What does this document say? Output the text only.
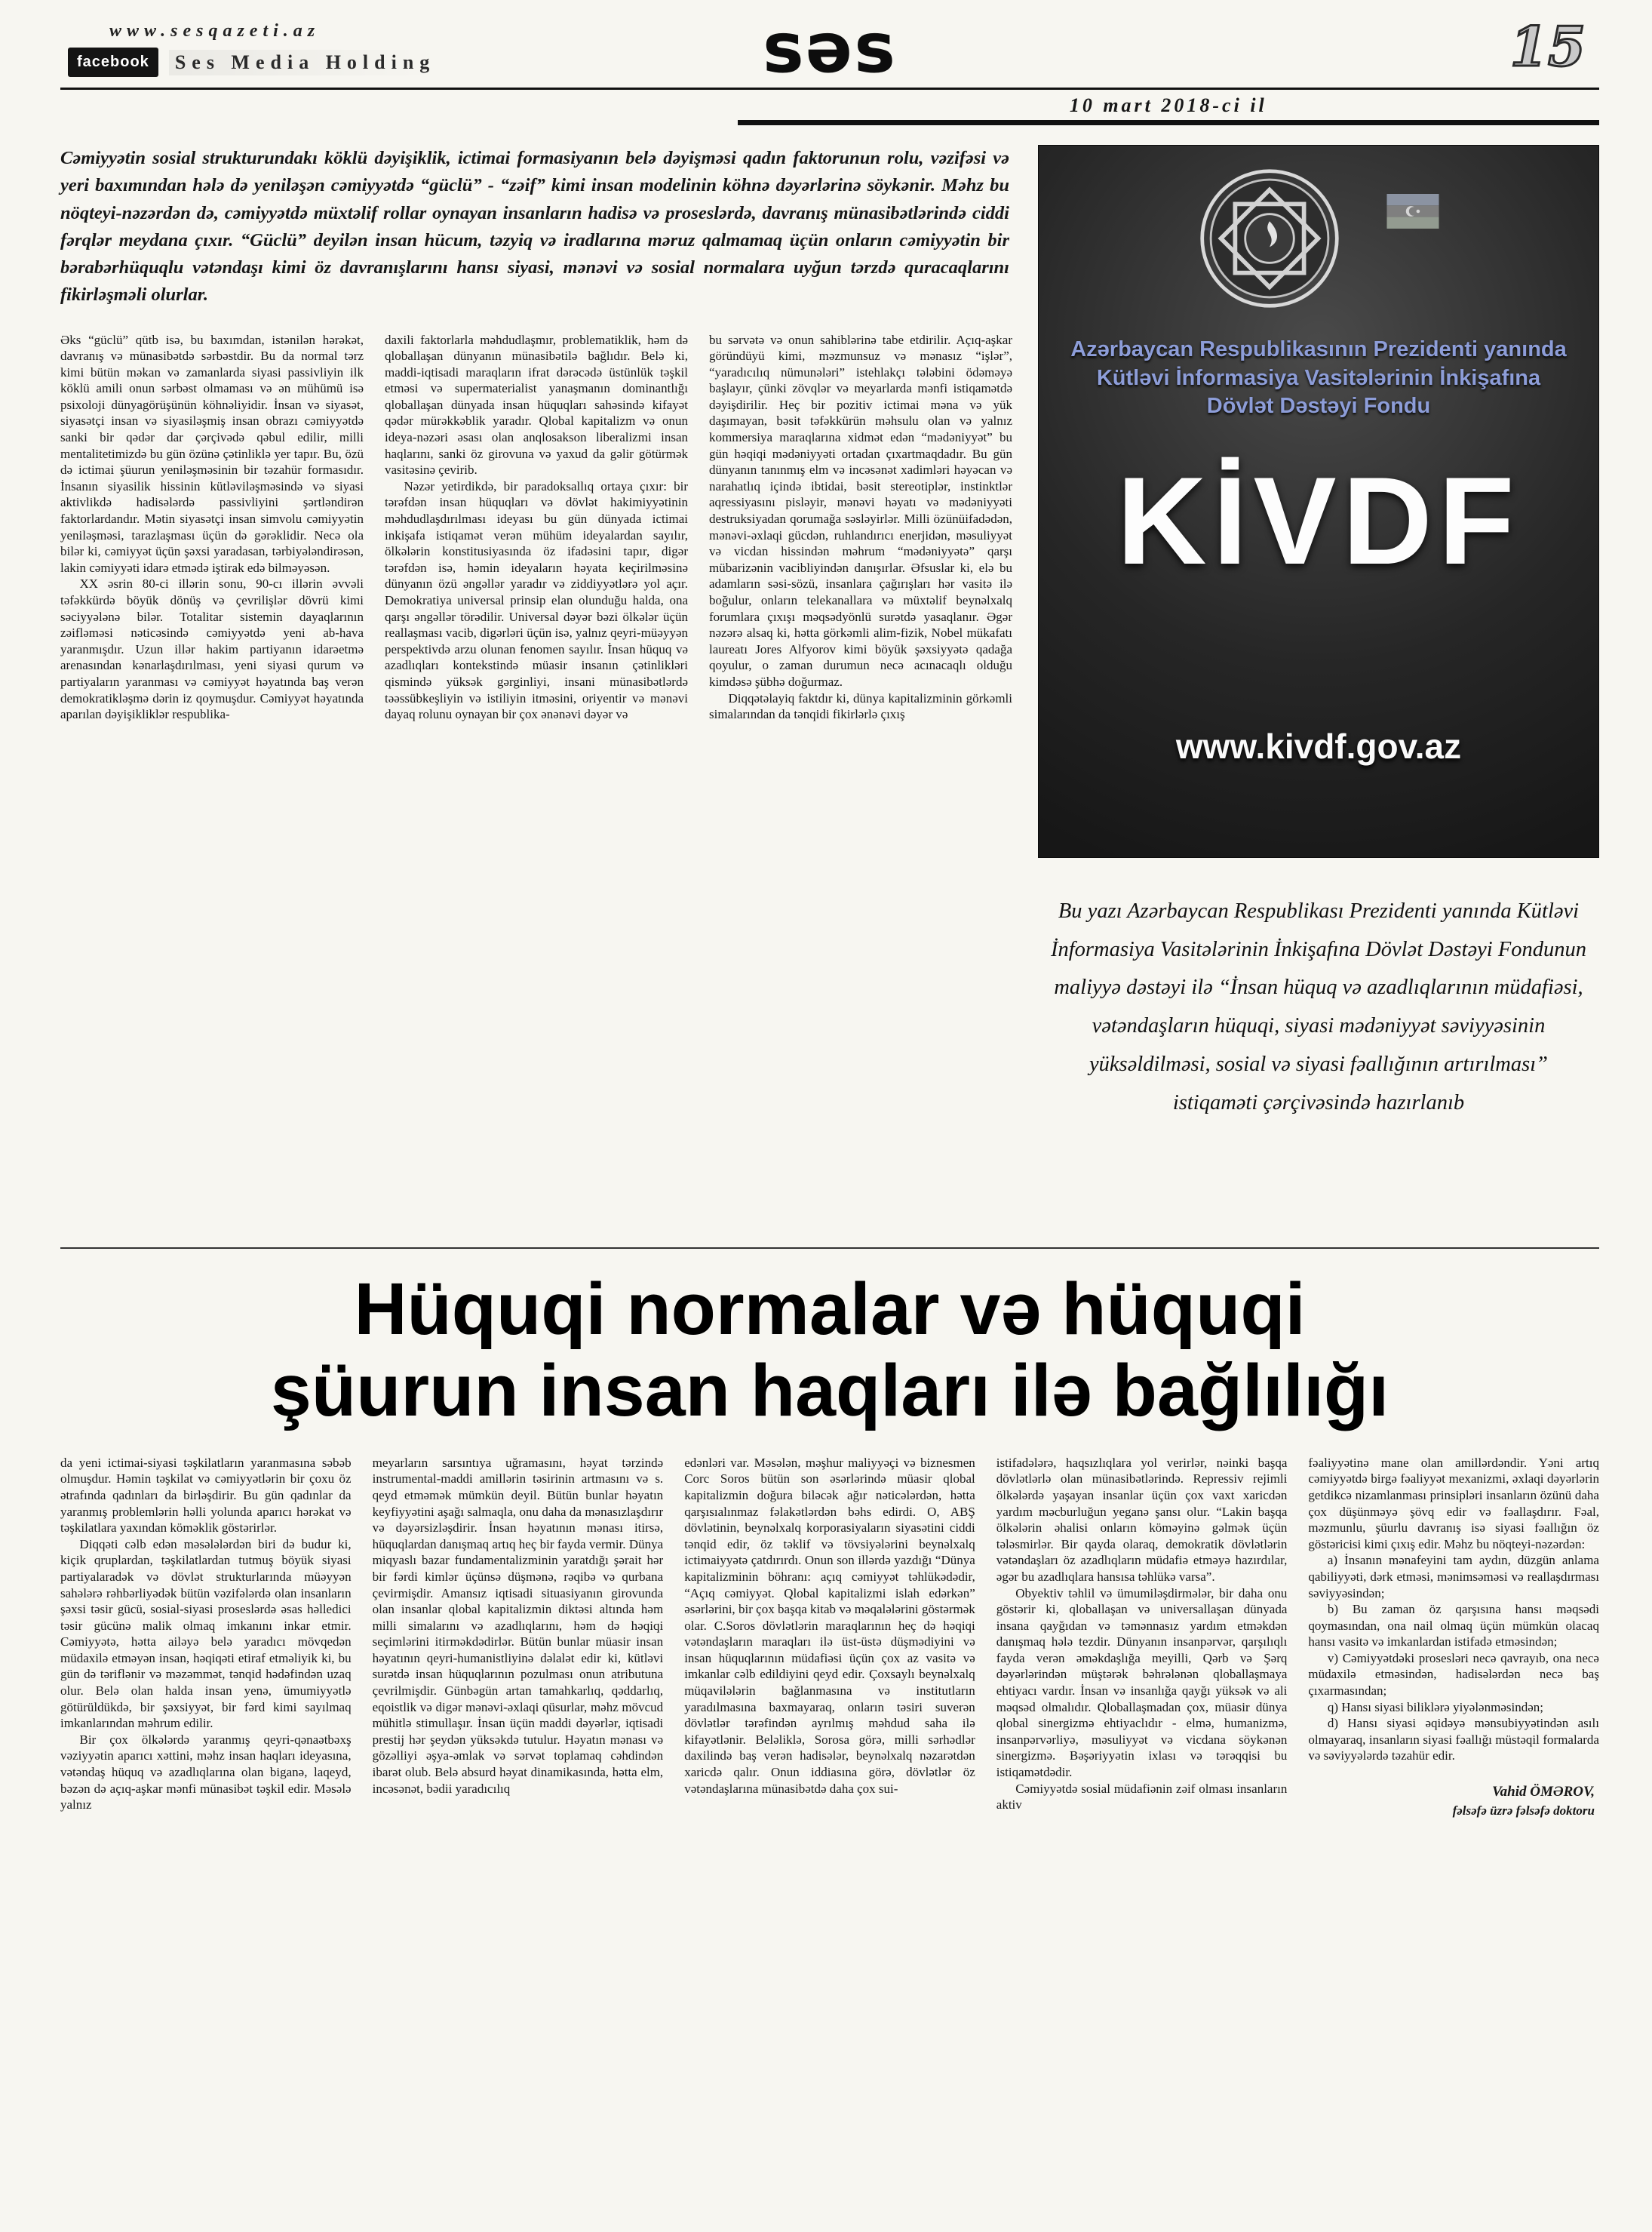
www.sesqazeti.az
facebook	Ses Media Holding	səs	15
10 mart 2018-ci il

Cəmiyyətin sosial strukturundakı köklü dəyişiklik, ictimai formasiyanın belə dəyişməsi qadın faktorunun rolu, vəzifəsi və yeri baxımından hələ də yeniləşən cəmiyyətdə “güclü” - “zəif” kimi insan modelinin köhnə dəyərlərinə söykənir. Məhz bu nöqteyi-nəzərdən də, cəmiyyətdə müxtəlif rollar oynayan insanların hadisə və proseslərdə, davranış münasibətlərində ciddi fərqlər meydana çıxır. “Güclü” deyilən insan hücum, təzyiq və iradlarına məruz qalmamaq üçün onların cəmiyyətin bir bərabərhüquqlu vətəndaşı kimi öz davranışlarını hansı siyasi, mənəvi və sosial normalara uyğun tərzdə quracaqlarını fikirləşməli olurlar.

Əks “güclü” qütb isə, bu baxımdan, istənilən hərəkət, davranış və münasibətdə sərbəstdir. Bu da normal tərz kimi bütün məkan və zamanlarda siyasi passivliyin ilk köklü amili onun sərbəst olmaması və ən mühümü isə psixoloji dünyagörüşünün köhnəliyidir. İnsan və siyasət, siyasətçi insan və siyasiləşmiş insan obrazı cəmiyyətdə sanki bir qədər dar çərçivədə qəbul edilir, milli mentalitetimizdə bu gün özünə çətinliklə yer tapır. Bu, özü də ictimai şüurun yeniləşməsinin bir təzahür formasıdır. İnsanın siyasilik hissinin kütləviləşməsində və siyasi aktivlikdə hadisələrdə passivliyini şərtləndirən faktorlardandır. Mətin siyasətçi insan simvolu cəmiyyətin yeniləşməsi, tarazlaşması üçün də gərəklidir. Necə ola bilər ki, cəmiyyət üçün şəxsi yaradasan, tərbiyələndirəsən, lakin cəmiyyəti idarə etmədə iştirak edə bilməyəsən.

XX əsrin 80-ci illərin sonu, 90-cı illərin əvvəli təfəkkürdə böyük dönüş və çevrilişlər dövrü kimi səciyyələnə bilər. Totalitar sistemin dayaqlarının zəifləməsi nəticəsində cəmiyyətdə yeni ab-hava yaranmışdır. Uzun illər hakim partiyanın idarəetmə arenasından kənarlaşdırılması, yeni siyasi qurum və partiyaların yaranması və cəmiyyət həyatında baş verən demokratikləşmə dərin iz qoymuşdur. Cəmiyyət həyatında aparılan dəyişikliklər respublika-

daxili faktorlarla məhdudlaşmır, problematiklik, həm də qloballaşan dünyanın münasibətilə bağlıdır. Belə ki, maddi-iqtisadi maraqların ifrat dərəcədə üstünlük təşkil etməsi və supermaterialist yanaşmanın dominantlığı qloballaşan dünyada insan hüquqları sahəsində kifayət qədər mürəkkəblik yaradır. Qlobal kapitalizm və onun ideya-nəzəri əsası olan anqlosakson liberalizmi insan haqlarını, sanki öz girovuna və yaxud da gəlir götürmək vasitəsinə çevirib.

Nəzər yetirdikdə, bir paradoksallıq ortaya çıxır: bir tərəfdən insan hüquqları və dövlət hakimiyyətinin məhdudlaşdırılması ideyası bu gün dünyada ictimai inkişafa istiqamət verən mühüm ideyalardan sayılır, ölkələrin konstitusiyasında öz ifadəsini tapır, digər tərəfdən isə, həmin ideyaların həyata keçirilməsinə dünyanın özü əngəllər yaradır və ziddiyyətlərə yol açır. Demokratiya universal prinsip elan olunduğu halda, ona qarşı əngəllər törədilir. Universal dəyər bəzi ölkələr üçün reallaşması vacib, digərləri üçün isə, yalnız qeyri-müəyyən perspektivdə arzu olunan fenomen sayılır. İnsan hüquq və azadlıqları kontekstində müasir insanın çətinlikləri qismində yüksək gərginliyi, insani münasibətlərdə təəssübkeşliyin və istiliyin itməsini, oriyentir və mənəvi dayaq rolunu oynayan bir çox ənənəvi dəyər və

bu sərvətə və onun sahiblərinə tabe etdirilir. Açıq-aşkar göründüyü kimi, məzmunsuz və mənasız “işlər”, “yaradıcılıq nümunələri” istehlakçı tələbini ödəməyə başlayır, çünki zövqlər və meyarlarda mənfi istiqamətdə dəyişdirilir. Heç bir pozitiv ictimai məna və yük daşımayan, bəsit təfəkkürün məhsulu olan və yalnız kommersiya maraqlarına xidmət edən “mədəniyyət” bu gün həqiqi mədəniyyəti ortadan çıxartmaqdadır. Bu gün dünyanın tanınmış elm və incəsənət xadimləri həyəcan və narahatlıq içində ibtidai, bəsit stereotiplər, instinktlər aqressiyasını pisləyir, mənəvi həyatı və mədəniyyəti destruksiyadan qorumağa səsləyirlər. Milli özünüifadədən, mənəvi-əxlaqi gücdən, ruhlandırıcı enerjidən, məsuliyyət və vicdan hissindən məhrum “mədəniyyətə” qarşı mübarizənin vacibliyindən danışırlar. Əfsuslar ki, elə bu adamların səsi-sözü, insanlara çağırışları hər vasitə ilə boğulur, onların telekanallara və müxtəlif beynəlxalq forumlara çıxışı məqsədyönlü surətdə yasaqlanır. Əgər nəzərə alsaq ki, hətta görkəmli alim-fizik, Nobel mükafatı laureatı Jores Alfyorov kimi böyük şəxsiyyətə qadağa qoyulur, o zaman durumun necə acınacaqlı olduğu kimdəsə şübhə doğurmaz.

Diqqətəlayiq faktdır ki, dünya kapitalizminin görkəmli simalarından da tənqidi fikirlərlə çıxış

Azərbaycan Respublikasının Prezidenti yanında
Kütləvi İnformasiya Vasitələrinin İnkişafına
Dövlət Dəstəyi Fondu
KİVDF
www.kivdf.gov.az

Bu yazı Azərbaycan Respublikası Prezidenti yanında Kütləvi İnformasiya Vasitələrinin İnkişafına Dövlət Dəstəyi Fondunun maliyyə dəstəyi ilə “İnsan hüquq və azadlıqlarının müdafiəsi, vətəndaşların hüquqi, siyasi mədəniyyət səviyyəsinin yüksəldilməsi, sosial və siyasi fəallığının artırılması” istiqaməti çərçivəsində hazırlanıb

Hüquqi normalar və hüquqi
şüurun insan haqları ilə bağlılığı

da yeni ictimai-siyasi təşkilatların yaranmasına səbəb olmuşdur. Həmin təşkilat və cəmiyyətlərin bir çoxu öz ətrafında qadınları da birləşdirir. Bu gün qadınlar da yaranmış problemlərin həlli yolunda aparıcı hərəkat və təşkilatlara yaxından köməklik göstərirlər.

Diqqəti cəlb edən məsələlərdən biri də budur ki, kiçik qruplardan, təşkilatlardan tutmuş böyük siyasi partiyalaradək və dövlət strukturlarında müəyyən sahələrə rəhbərliyədək bütün vəzifələrdə olan insanların şəxsi təsir gücü, sosial-siyasi proseslərdə əsas həlledici təsir gücünə malik olmaq imkanını inkar etmir. Cəmiyyətə, hətta ailəyə belə yaradıcı mövqedən müdaxilə etməyən insan, həqiqəti etiraf etməliyik ki, bu gün də təriflənir və məzəmmət, tənqid hədəfindən uzaq olur. Belə olan halda insan yenə, ümumiyyətlə götürüldükdə, bir şəxsiyyət, bir fərd kimi sayılmaq imkanlarından məhrum edilir.

Bir çox ölkələrdə yaranmış qeyri-qənaətbəxş vəziyyətin aparıcı xəttini, məhz insan haqları ideyasına, vətəndaş hüquq və azadlıqlarına olan biganə, laqeyd, bəzən də açıq-aşkar mənfi münasibət təşkil edir. Məsələ yalnız

meyarların sarsıntıya uğramasını, həyat tərzində instrumental-maddi amillərin təsirinin artmasını və s. qeyd etməmək mümkün deyil. Bütün bunlar həyatın keyfiyyətini aşağı salmaqla, onu daha da mənasızlaşdırır və dəyərsizləşdirir. İnsan həyatının mənası itirsə, hüquqlardan danışmaq artıq heç bir fayda vermir. Dünya miqyaslı bazar fundamentalizminin yaratdığı şərait hər bir fərdi kimlər üçünsə düşmənə, rəqibə və qurbana çevirmişdir. Amansız iqtisadi situasiyanın girovunda olan insanlar qlobal kapitalizmin diktəsi altında həm milli simalarını və azadlıqlarını, həm də həqiqi seçimlərini itirməkdədirlər. Bütün bunlar müasir insan həyatının qeyri-humanistliyinə dəlalət edir ki, kütləvi surətdə insan hüquqlarının pozulması onun atributuna çevrilmişdir. Günbəgün artan tamahkarlıq, qəddarlıq, eqoistlik və digər mənəvi-əxlaqi qüsurlar, məhz mövcud mühitlə stimullaşır. İnsan üçün maddi dəyərlər, iqtisadi prestij hər şeydən yüksəkdə tutulur. Həyatın mənası və gözəlliyi əşya-əmlak və sərvət toplamaq cəhdindən ibarət olub. Belə absurd həyat dinamikasında, hətta elm, incəsənət, bədii yaradıcılıq

edənləri var. Məsələn, məşhur maliyyəçi və biznesmen Corc Soros bütün son əsərlərində müasir qlobal kapitalizmin doğura biləcək ağır nəticələrdən, hətta qarşısıalınmaz fəlakətlərdən bəhs edirdi. O, ABŞ dövlətinin, beynəlxalq korporasiyaların siyasətini ciddi tənqid edir, öz təklif və tövsiyələrini beynəlxalq ictimaiyyətə çatdırırdı. Onun son illərdə yazdığı “Dünya kapitalizminin böhranı: açıq cəmiyyət təhlükədədir, “Açıq cəmiyyət. Qlobal kapitalizmi islah edərkən” əsərlərini, bir çox başqa kitab və məqalələrini göstərmək olar. C.Soros dövlətlərin maraqlarının heç də həqiqi vətəndaşların maraqları ilə üst-üstə düşmədiyini və insan hüquqlarının müdafiəsi üçün çox az vasitə və imkanlar cəlb edildiyini qeyd edir. Çoxsaylı beynəlxalq müqavilələrin bağlanmasına və institutların yaradılmasına baxmayaraq, onların təsiri suverən dövlətlər tərəfindən ayrılmış məhdud saha ilə kifayətlənir. Beləliklə, Sorosa görə, milli sərhədlər daxilində baş verən hadisələr, beynəlxalq nəzarətdən xaricdə qalır. Onun iddiasına görə, dövlətlər öz vətəndaşlarına münasibətdə daha çox sui-

istifadələrə, haqsızlıqlara yol verirlər, nəinki başqa dövlətlərlə olan münasibətlərində. Repressiv rejimli ölkələrdə yaşayan insanlar üçün çox vaxt xaricdən yardım məcburluğun yeganə şansı olur. “Lakin başqa ölkələrin əhalisi onların köməyinə gəlmək üçün tələsmirlər. Bir qayda olaraq, demokratik dövlətlərin vətəndaşları öz azadlıqların müdafiə etməyə hazırdılar, əgər bu azadlıqlara hansısa təhlükə varsa”.

Obyektiv təhlil və ümumiləşdirmələr, bir daha onu göstərir ki, qloballaşan və universallaşan dünyada insana qayğıdan və təmənnasız yardım etməkdən danışmaq hələ tezdir. Dünyanın insanpərvər, qarşılıqlı fayda verən əməkdaşlığa meyilli, Qərb və Şərq dəyərlərindən müştərək bəhrələnən qloballaşmaya ehtiyacı vardır. İnsan və insanlığa qayğı yüksək və ali məqsəd olmalıdır. Qloballaşmadan çox, müasir dünya qlobal sinergizmə ehtiyaclıdır - elmə, humanizmə, insanpərvərliyə, məsuliyyət və vicdana söykənən sinergizmə. Bəşəriyyətin ixlası və tərəqqisi bu istiqamətdədir.

Cəmiyyətdə sosial müdafiənin zəif olması insanların aktiv

fəaliyyətinə mane olan amillərdəndir. Yəni artıq cəmiyyətdə birgə fəaliyyət mexanizmi, əxlaqi dəyərlərin getdikcə nizamlanması prinsipləri insanların özünü daha çox düşünməyə şövq edir və fəallaşdırır. Fəal, məzmunlu, şüurlu davranış isə siyasi fəallığın öz göstəricisi kimi çıxış edir. Məhz bu nöqteyi-nəzərdən:

a) İnsanın mənafeyini tam aydın, düzgün anlama qabiliyyəti, dərk etməsi, mənimsəməsi və reallaşdırması səviyyəsindən;

b) Bu zaman öz qarşısına hansı məqsədi qoymasından, ona nail olmaq üçün mümkün olacaq hansı vasitə və imkanlardan istifadə etməsindən;

v) Cəmiyyətdəki prosesləri necə qavrayıb, ona necə müdaxilə etməsindən, hadisələrdən necə baş çıxarmasından;

q) Hansı siyasi biliklərə yiyələnməsindən;

d) Hansı siyasi əqidəyə mənsubiyyətindən asılı olmayaraq, insanların siyasi fəallığı müstəqil formalarda və səviyyələrdə təzahür edir.

Vahid ÖMƏROV,
fəlsəfə üzrə fəlsəfə doktoru
